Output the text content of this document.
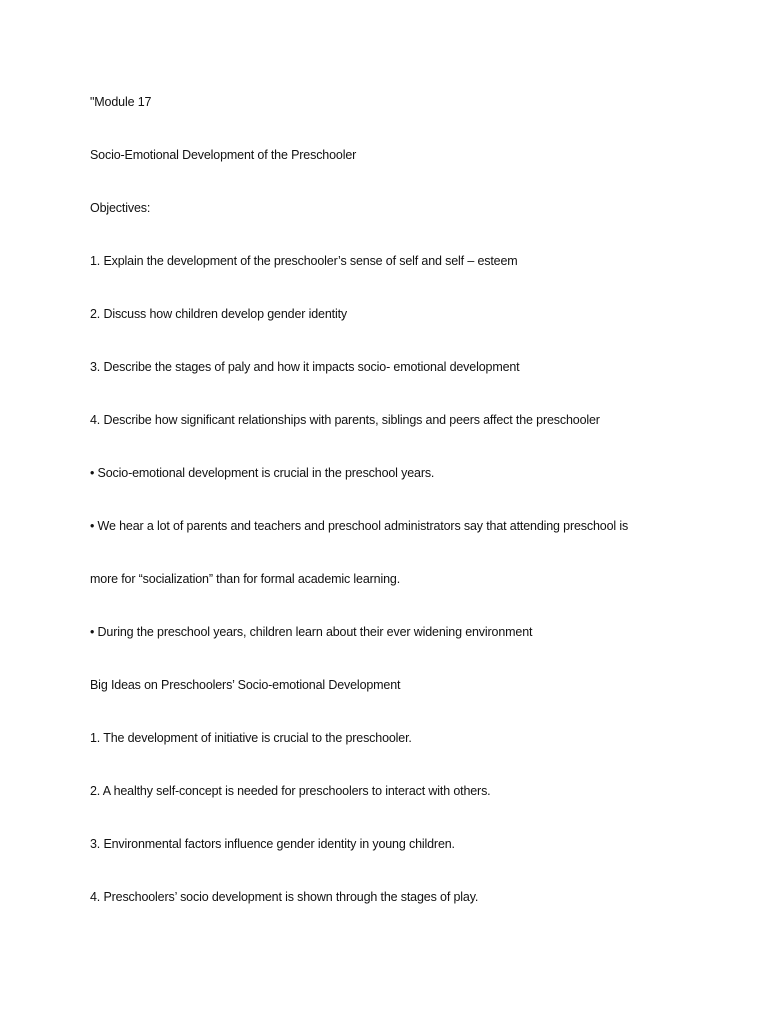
"Module 17

Socio-Emotional Development of the Preschooler

Objectives:

1. Explain the development of the preschooler’s sense of self and self – esteem

2. Discuss how children develop gender identity

3. Describe the stages of paly and how it impacts socio- emotional development

4. Describe how significant relationships with parents, siblings and peers affect the preschooler

• Socio-emotional development is crucial in the preschool years.

• We hear a lot of parents and teachers and preschool administrators say that attending preschool is

more for “socialization” than for formal academic learning.

• During the preschool years, children learn about their ever widening environment

Big Ideas on Preschoolers’ Socio-emotional Development

1. The development of initiative is crucial to the preschooler.

2. A healthy self-concept is needed for preschoolers to interact with others.

3. Environmental factors influence gender identity in young children.

4. Preschoolers’ socio development is shown through the stages of play.
